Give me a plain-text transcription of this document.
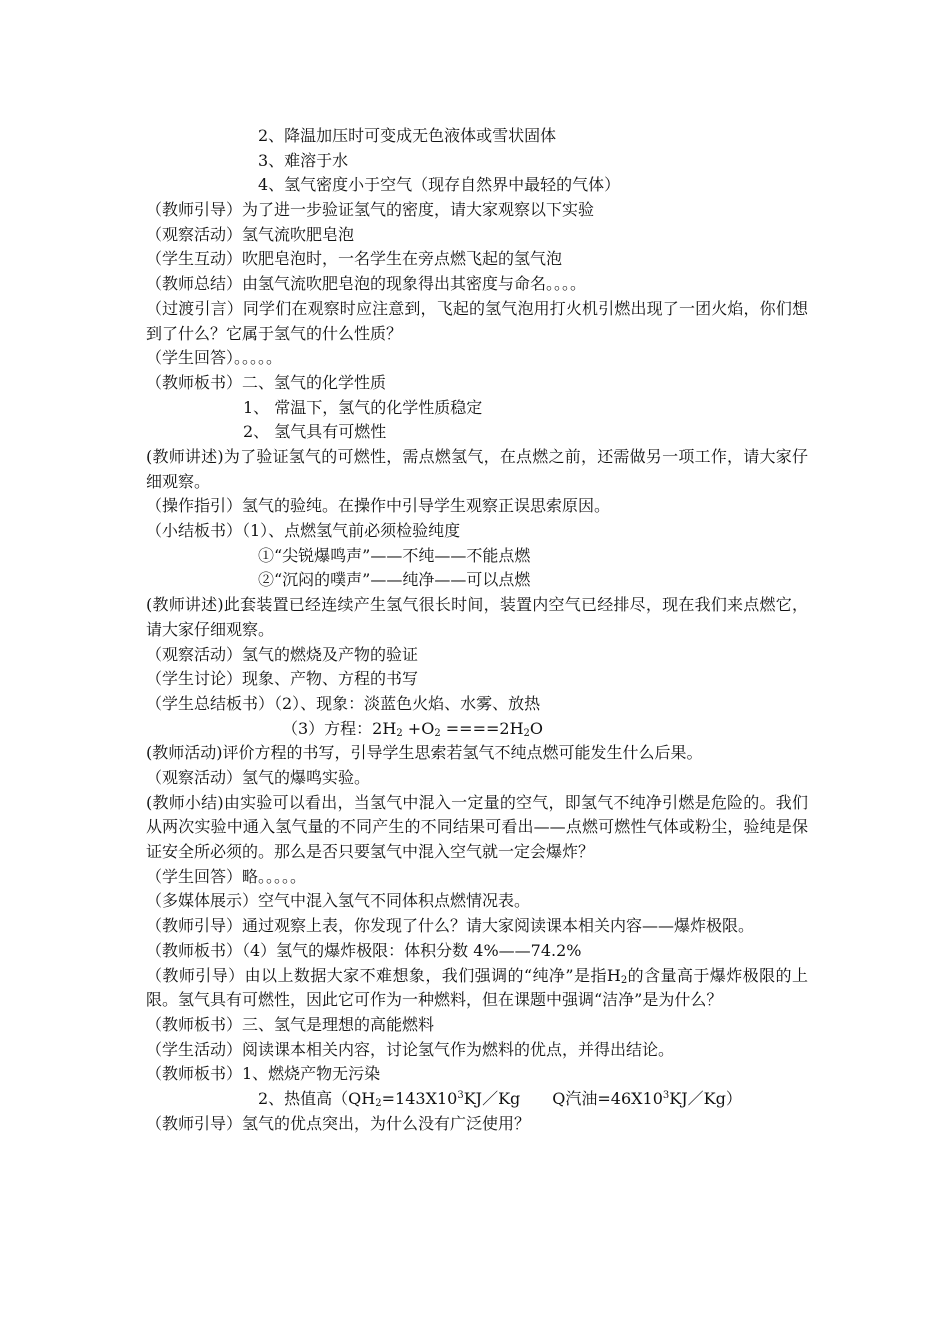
2、降温加压时可变成无色液体或雪状固体
3、难溶于水
4、氢气密度小于空气（现存自然界中最轻的气体）
（教师引导）为了进一步验证氢气的密度，请大家观察以下实验
（观察活动）氢气流吹肥皂泡
（学生互动）吹肥皂泡时，一名学生在旁点燃飞起的氢气泡
（教师总结）由氢气流吹肥皂泡的现象得出其密度与命名。。。。
（过渡引言）同学们在观察时应注意到，飞起的氢气泡用打火机引燃出现了一团火焰，你们想到了什么？它属于氢气的什么性质？
（学生回答）。。。。。
（教师板书）二、氢气的化学性质
1、 常温下，氢气的化学性质稳定
2、 氢气具有可燃性
(教师讲述)为了验证氢气的可燃性，需点燃氢气，在点燃之前，还需做另一项工作，请大家仔细观察。
（操作指引）氢气的验纯。在操作中引导学生观察正误思索原因。
（小结板书）（1）、点燃氢气前必须检验纯度
①“尖锐爆鸣声”——不纯——不能点燃
②“沉闷的噗声”——纯净——可以点燃
(教师讲述)此套装置已经连续产生氢气很长时间，装置内空气已经排尽，现在我们来点燃它，请大家仔细观察。
（观察活动）氢气的燃烧及产物的验证
（学生讨论）现象、产物、方程的书写
（学生总结板书）（2）、现象：淡蓝色火焰、水雾、放热
（3）方程：$2H_2 +O_2 ====2H_2O$
(教师活动)评价方程的书写，引导学生思索若氢气不纯点燃可能发生什么后果。
（观察活动）氢气的爆鸣实验。
(教师小结)由实验可以看出，当氢气中混入一定量的空气，即氢气不纯净引燃是危险的。我们从两次实验中通入氢气量的不同产生的不同结果可看出——点燃可燃性气体或粉尘，验纯是保证安全所必须的。那么是否只要氢气中混入空气就一定会爆炸？
（学生回答）略。。。。。
（多媒体展示）空气中混入氢气不同体积点燃情况表。
（教师引导）通过观察上表，你发现了什么？请大家阅读课本相关内容——爆炸极限。
（教师板书）（4）氢气的爆炸极限：体积分数 4%——74.2%
（教师引导）由以上数据大家不难想象，我们强调的“纯净”是指$H_2$的含量高于爆炸极限的上限。氢气具有可燃性，因此它可作为一种燃料，但在课题中强调“洁净”是为什么？
（教师板书）三、氢气是理想的高能燃料
（学生活动）阅读课本相关内容，讨论氢气作为燃料的优点，并得出结论。
（教师板书）1、燃烧产物无污染
2、热值高（$QH_2=143X10^3KJ/Kg$　　Q汽油$=46X10^3KJ/Kg$）
（教师引导）氢气的优点突出，为什么没有广泛使用？
